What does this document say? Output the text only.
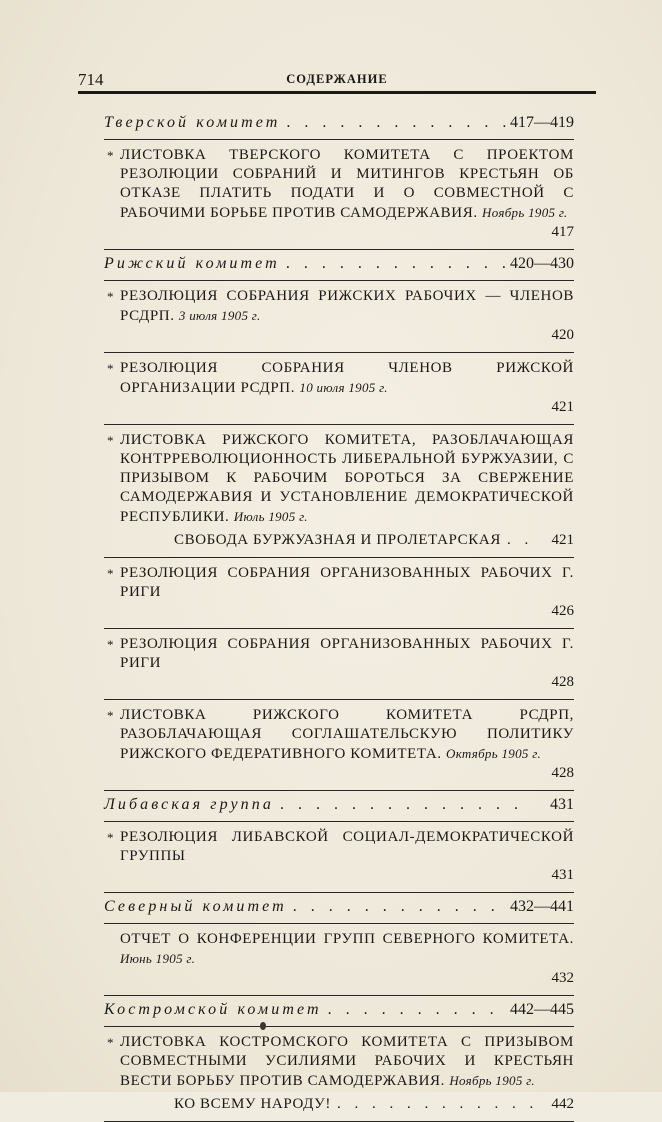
714	СОДЕРЖАНИЕ
Тверской комитет . . .	417—419
* ЛИСТОВКА ТВЕРСКОГО КОМИТЕТА С ПРОЕКТОМ РЕЗОЛЮЦИИ СОБРАНИЙ И МИТИНГОВ КРЕСТЬЯН ОБ ОТКАЗЕ ПЛАТИТЬ ПОДАТИ И О СОВМЕСТНОЙ С РАБОЧИМИ БОРЬБЕ ПРОТИВ САМОДЕРЖАВИЯ. Ноябрь 1905 г.
417
Рижский комитет . . .	420—430
* РЕЗОЛЮЦИЯ СОБРАНИЯ РИЖСКИХ РАБОЧИХ — ЧЛЕНОВ РСДРП. 3 июля 1905 г.
420
* РЕЗОЛЮЦИЯ СОБРАНИЯ ЧЛЕНОВ РИЖСКОЙ ОРГАНИЗАЦИИ РСДРП. 10 июля 1905 г.
421
* ЛИСТОВКА РИЖСКОГО КОМИТЕТА, РАЗОБЛАЧАЮЩАЯ КОНТРРЕВОЛЮЦИОННОСТЬ ЛИБЕРАЛЬНОЙ БУРЖУАЗИИ, С ПРИЗЫВОМ К РАБОЧИМ БОРОТЬСЯ ЗА СВЕРЖЕНИЕ САМОДЕРЖАВИЯ И УСТАНОВЛЕНИЕ ДЕМОКРАТИЧЕСКОЙ РЕСПУБЛИКИ. Июль 1905 г.
СВОБОДА БУРЖУАЗНАЯ И ПРОЛЕТАРСКАЯ . . .	421
* РЕЗОЛЮЦИЯ СОБРАНИЯ ОРГАНИЗОВАННЫХ РАБОЧИХ Г. РИГИ
426
* РЕЗОЛЮЦИЯ СОБРАНИЯ ОРГАНИЗОВАННЫХ РАБОЧИХ Г. РИГИ
428
* ЛИСТОВКА РИЖСКОГО КОМИТЕТА РСДРП, РАЗОБЛАЧАЮЩАЯ СОГЛАШАТЕЛЬСКУЮ ПОЛИТИКУ РИЖСКОГО ФЕДЕРАТИВНОГО КОМИТЕТА. Октябрь 1905 г.
428
Либавская группа . . .	431
* РЕЗОЛЮЦИЯ ЛИБАВСКОЙ СОЦИАЛ-ДЕМОКРАТИЧЕСКОЙ ГРУППЫ
431
Северный комитет . . .	432—441
ОТЧЕТ О КОНФЕРЕНЦИИ ГРУПП СЕВЕРНОГО КОМИТЕТА. Июнь 1905 г.
432
Костромской комитет . . .	442—445
* ЛИСТОВКА КОСТРОМСКОГО КОМИТЕТА С ПРИЗЫВОМ СОВМЕСТНЫМИ УСИЛИЯМИ РАБОЧИХ И КРЕСТЬЯН ВЕСТИ БОРЬБУ ПРОТИВ САМОДЕРЖАВИЯ. Ноябрь 1905 г.
КО ВСЕМУ НАРОДУ! . . .	442
